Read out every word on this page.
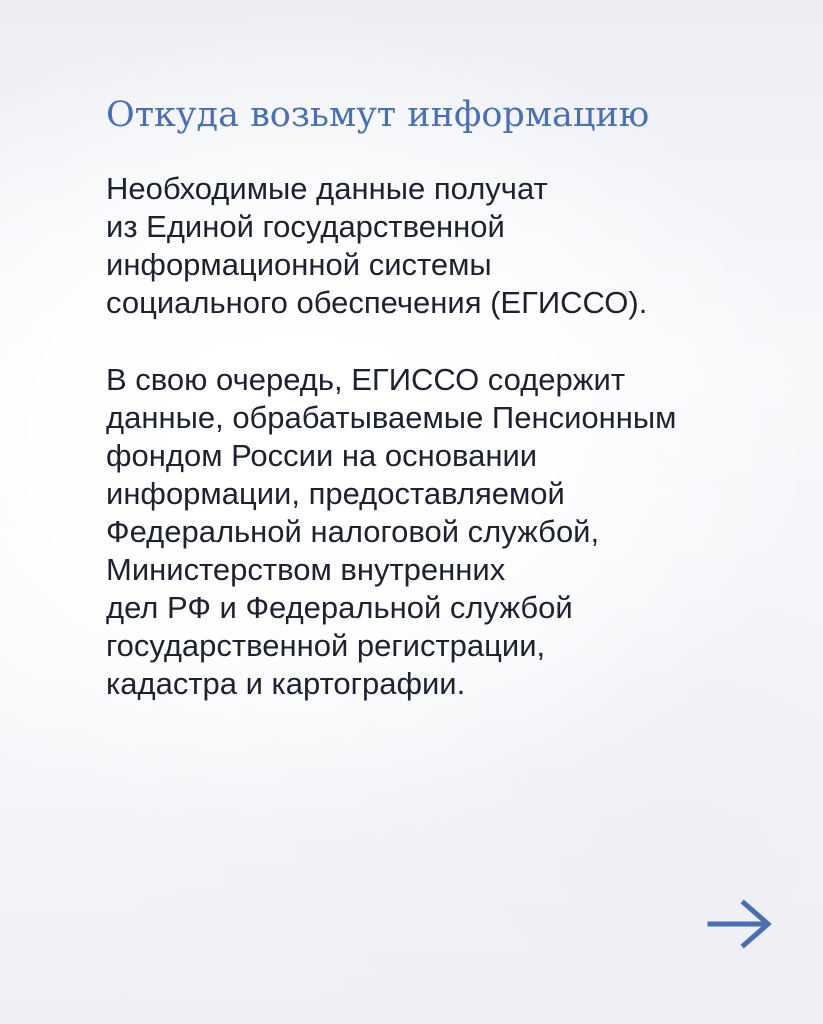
Откуда возьмут информацию

Необходимые данные получат
из Единой государственной
информационной системы
социального обеспечения (ЕГИССО).

В свою очередь, ЕГИССО содержит
данные, обрабатываемые Пенсионным
фондом России на основании
информации, предоставляемой
Федеральной налоговой службой,
Министерством внутренних
дел РФ и Федеральной службой
государственной регистрации,
кадастра и картографии.
